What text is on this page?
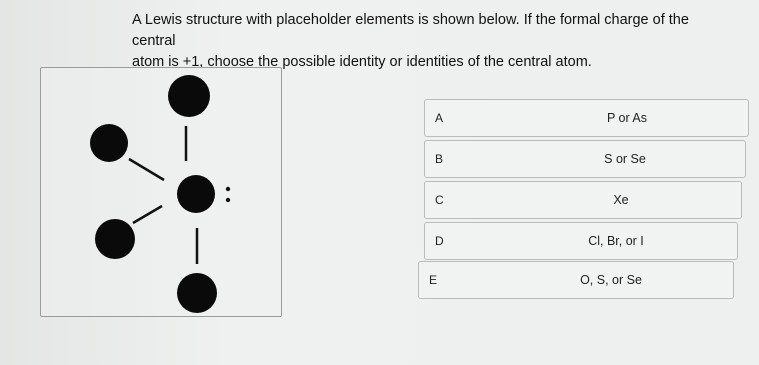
A Lewis structure with placeholder elements is shown below. If the formal charge of the central
atom is +1, choose the possible identity or identities of the central atom.
A	P or As
B	S or Se
C	Xe
D	Cl, Br, or I
E	O, S, or Se
